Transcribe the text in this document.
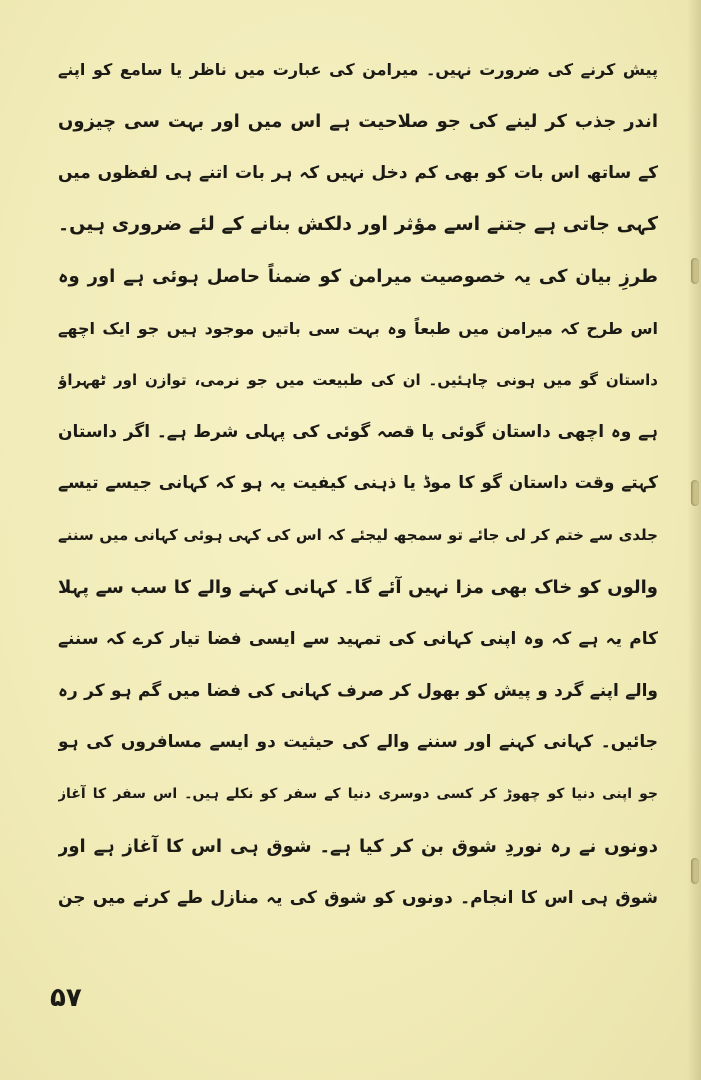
پیش کرنے کی ضرورت نہیں۔ میرامن کی عبارت میں ناظر یا سامع کو اپنے
اندر جذب کر لینے کی جو صلاحیت ہے اس میں اور بہت سی چیزوں
کے ساتھ اس بات کو بھی کم دخل نہیں کہ ہر بات اتنے ہی لفظوں میں
کہی جاتی ہے جتنے اسے مؤثر اور دلکش بنانے کے لئے ضروری ہیں۔
طرزِ بیان کی یہ خصوصیت میرامن کو ضمناً حاصل ہوئی ہے اور وہ
اس طرح کہ میرامن میں طبعاً وہ بہت سی باتیں موجود ہیں جو ایک اچھے
داستان گو میں ہونی چاہئیں۔ ان کی طبیعت میں جو نرمی، توازن اور ٹھہراؤ
ہے وہ اچھی داستان گوئی یا قصہ گوئی کی پہلی شرط ہے۔ اگر داستان
کہتے وقت داستان گو کا موڈ یا ذہنی کیفیت یہ ہو کہ کہانی جیسے تیسے
جلدی سے ختم کر لی جائے تو سمجھ لیجئے کہ اس کی کہی ہوئی کہانی میں سننے
والوں کو خاک بھی مزا نہیں آئے گا۔ کہانی کہنے والے کا سب سے پہلا
کام یہ ہے کہ وہ اپنی کہانی کی تمہید سے ایسی فضا تیار کرے کہ سننے
والے اپنے گرد و پیش کو بھول کر صرف کہانی کی فضا میں گم ہو کر رہ
جائیں۔ کہانی کہنے اور سننے والے کی حیثیت دو ایسے مسافروں کی ہو
جو اپنی دنیا کو چھوڑ کر کسی دوسری دنیا کے سفر کو نکلے ہیں۔ اس سفر کا آغاز
دونوں نے رہ نوردِ شوق بن کر کیا ہے۔ شوق ہی اس کا آغاز ہے اور
شوق ہی اس کا انجام۔ دونوں کو شوق کی یہ منازل طے کرنے میں جن
۵۷
